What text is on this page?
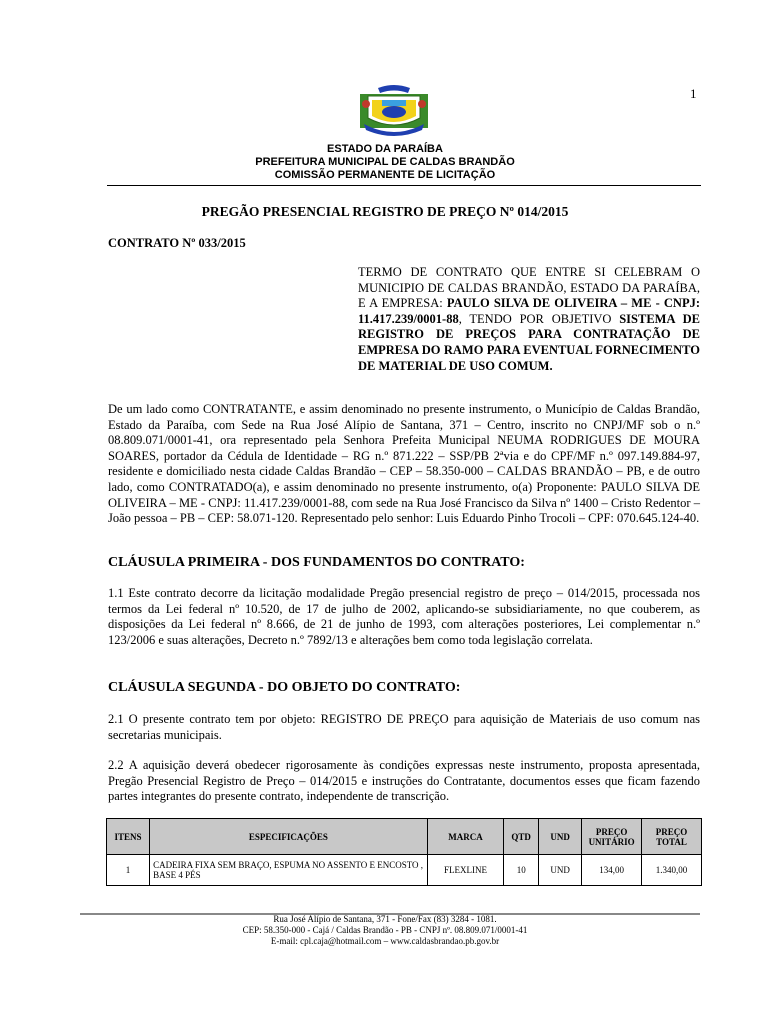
1
ESTADO DA PARAÍBA
PREFEITURA MUNICIPAL DE CALDAS BRANDÃO
COMISSÃO PERMANENTE DE LICITAÇÃO
PREGÃO PRESENCIAL REGISTRO DE PREÇO Nº 014/2015
CONTRATO Nº 033/2015
TERMO DE CONTRATO QUE ENTRE SI CELEBRAM O MUNICIPIO DE CALDAS BRANDÃO, ESTADO DA PARAÍBA, E A EMPRESA: PAULO SILVA DE OLIVEIRA – ME - CNPJ: 11.417.239/0001-88, TENDO POR OBJETIVO SISTEMA DE REGISTRO DE PREÇOS PARA CONTRATAÇÃO DE EMPRESA DO RAMO PARA EVENTUAL FORNECIMENTO DE MATERIAL DE USO COMUM.
De um lado como CONTRATANTE, e assim denominado no presente instrumento, o Município de Caldas Brandão, Estado da Paraíba, com Sede na Rua José Alípio de Santana, 371 – Centro, inscrito no CNPJ/MF sob o n.º 08.809.071/0001-41, ora representado pela Senhora Prefeita Municipal NEUMA RODRIGUES DE MOURA SOARES, portador da Cédula de Identidade – RG n.º 871.222 – SSP/PB 2ªvia e do CPF/MF n.º 097.149.884-97, residente e domiciliado nesta cidade Caldas Brandão – CEP – 58.350-000 – CALDAS BRANDÃO – PB, e de outro lado, como CONTRATADO(a), e assim denominado no presente instrumento, o(a) Proponente: PAULO SILVA DE OLIVEIRA – ME - CNPJ: 11.417.239/0001-88, com sede na Rua José Francisco da Silva nº 1400 – Cristo Redentor – João pessoa – PB – CEP: 58.071-120. Representado pelo senhor: Luis Eduardo Pinho Trocoli – CPF: 070.645.124-40.
CLÁUSULA PRIMEIRA - DOS FUNDAMENTOS DO CONTRATO:
1.1 Este contrato decorre da licitação modalidade Pregão presencial registro de preço – 014/2015, processada nos termos da Lei federal nº 10.520, de 17 de julho de 2002, aplicando-se subsidiariamente, no que couberem, as disposições da Lei federal nº 8.666, de 21 de junho de 1993, com alterações posteriores, Lei complementar n.º 123/2006 e suas alterações, Decreto n.º 7892/13 e alterações bem como toda legislação correlata.
CLÁUSULA SEGUNDA - DO OBJETO DO CONTRATO:
2.1 O presente contrato tem por objeto: REGISTRO DE PREÇO para aquisição de Materiais de uso comum nas secretarias municipais.
2.2 A aquisição deverá obedecer rigorosamente às condições expressas neste instrumento, proposta apresentada, Pregão Presencial Registro de Preço – 014/2015 e instruções do Contratante, documentos esses que ficam fazendo partes integrantes do presente contrato, independente de transcrição.
ITENS	ESPECIFICAÇÕES	MARCA	QTD	UND	PREÇO UNITÁRIO	PREÇO TOTAL
1	CADEIRA FIXA SEM BRAÇO, ESPUMA NO ASSENTO E ENCOSTO , BASE 4 PÉS	FLEXLINE	10	UND	134,00	1.340,00
Rua José Alípio de Santana, 371 - Fone/Fax (83) 3284 - 1081.
CEP: 58.350-000 - Cajá / Caldas Brandão - PB - CNPJ nº. 08.809.071/0001-41
E-mail: cpl.caja@hotmail.com – www.caldasbrandao.pb.gov.br
